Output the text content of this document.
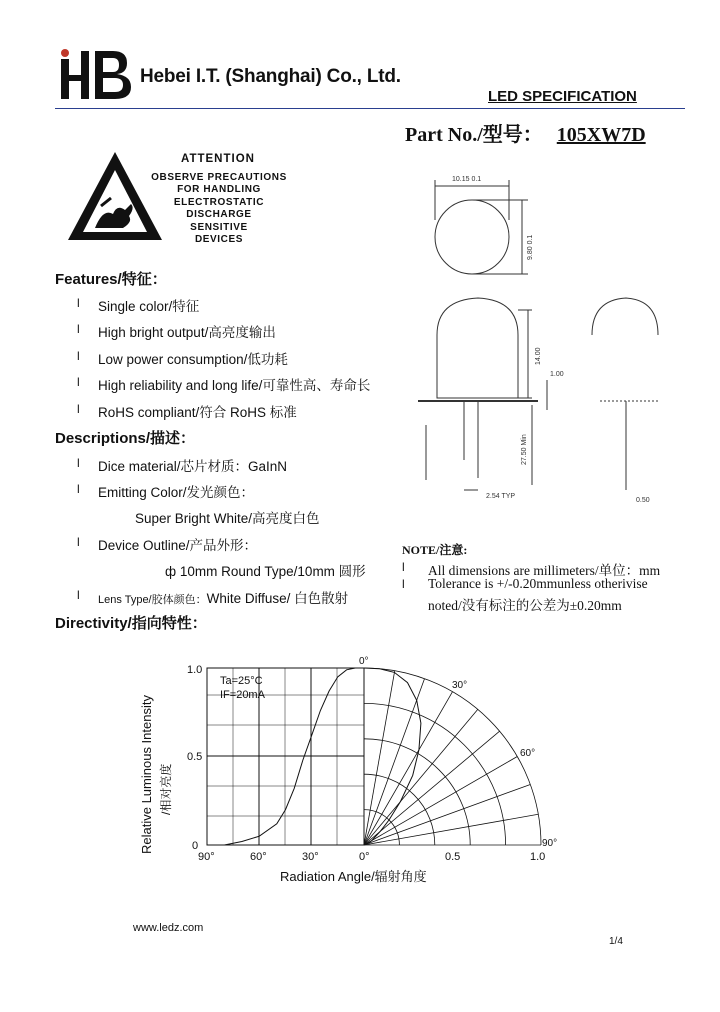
Hebei I.T. (Shanghai) Co., Ltd.
LED SPECIFICATION
Part No./型号： 105XW7D
ATTENTION
OBSERVE PRECAUTIONS
FOR HANDLING
ELECTROSTATIC
DISCHARGE
SENSITIVE
DEVICES
Features/特征：
l Single color/特征
l High bright output/高亮度输出
l Low power consumption/低功耗
l High reliability and long life/可靠性高、寿命长
l RoHS compliant/符合 RoHS 标准
Descriptions/描述：
l Dice material/芯片材质：GaInN
l Emitting Color/发光颜色：
Super Bright White/高亮度白色
l Device Outline/产品外形：
ф 10mm Round Type/10mm 圆形
l Lens Type/胶体颜色：White Diffuse/ 白色散射
Directivity/指向特性：
10.15 0.1
9.80 0.1
14.00
1.00
27.50 Min
2.54 TYP
0.50
NOTE/注意:
l All dimensions are millimeters/单位：mm
l Tolerance is +/-0.20mmunless otherivise
noted/没有标注的公差为±0.20mm
1.0
0.5
0
90°	60°	30°	0°	0.5	1.0
0°
30°
60°
90°
Ta=25°C
IF=20mA
Radiation Angle/辐射角度
Relative Luminous Intensity /相对亮度
www.ledz.com
1/4
